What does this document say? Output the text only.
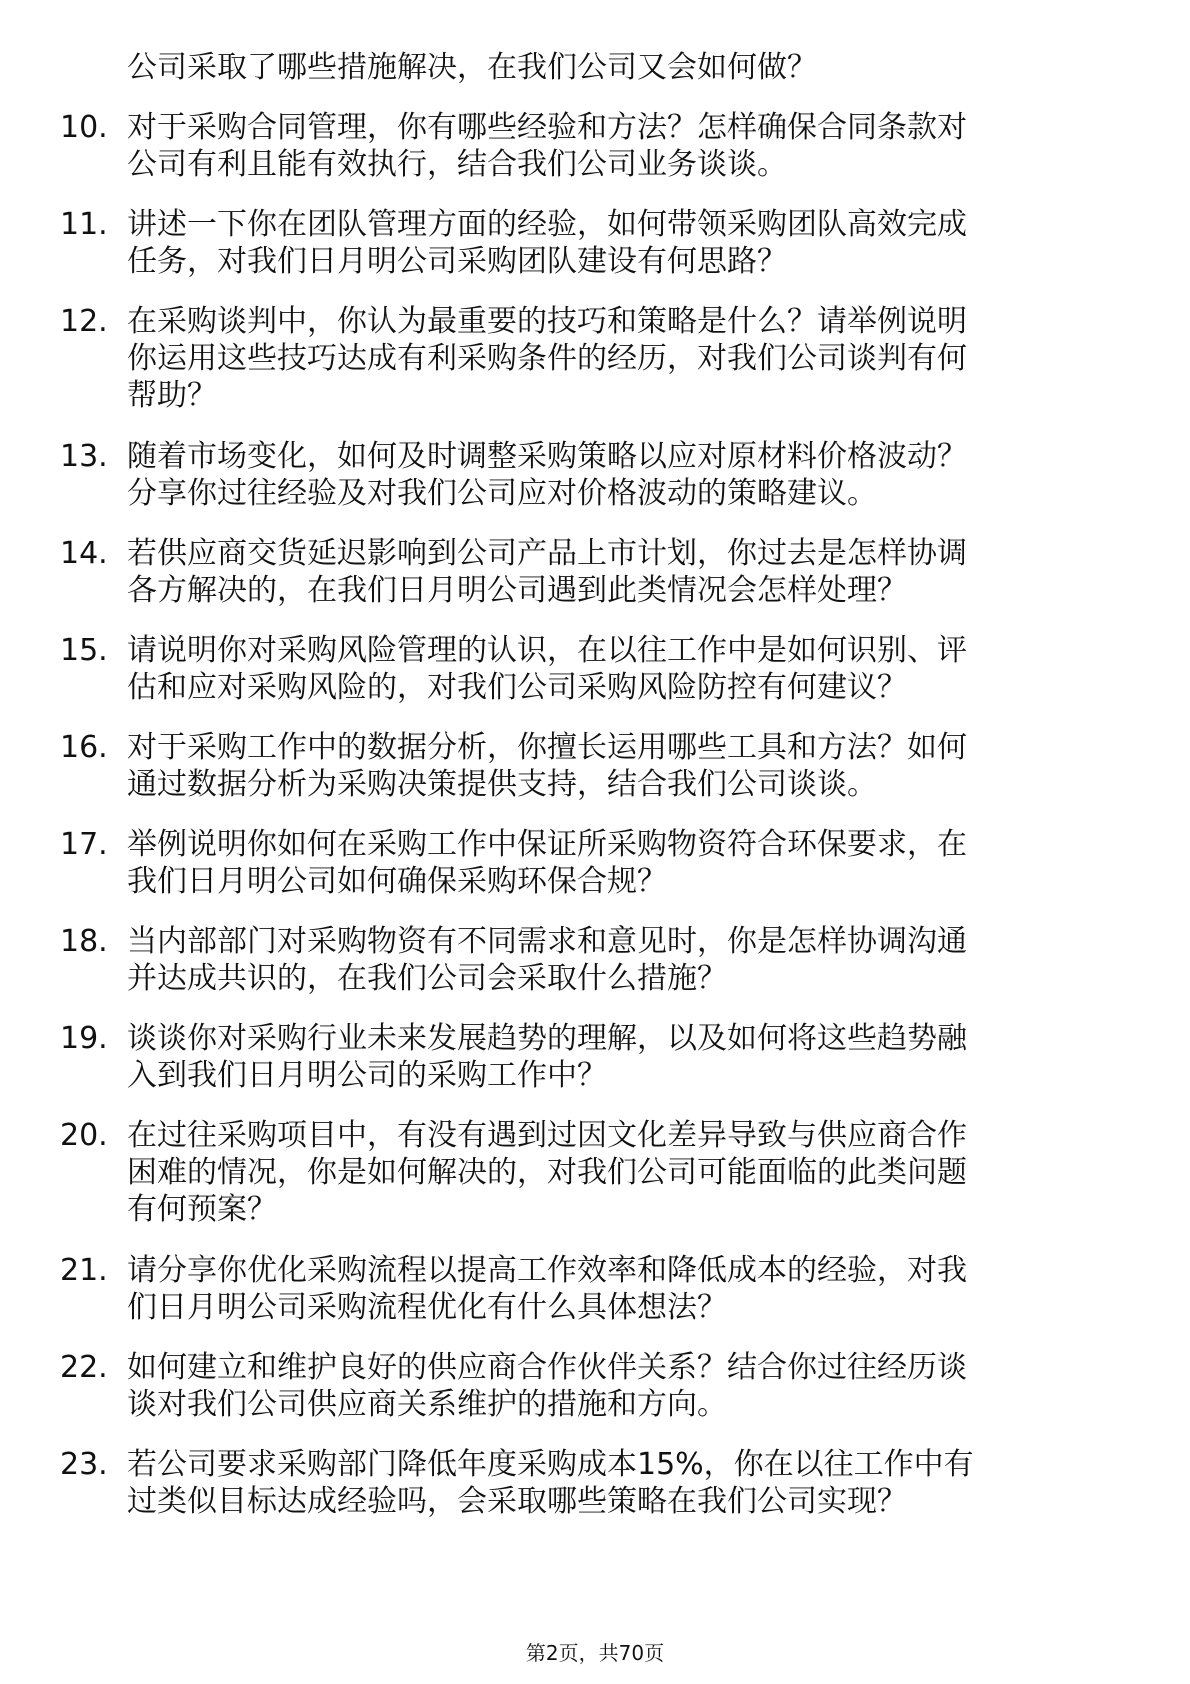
公司采取了哪些措施解决，在我们公司又会如何做？
10. 对于采购合同管理，你有哪些经验和方法？怎样确保合同条款对
公司有利且能有效执行，结合我们公司业务谈谈。
11. 讲述一下你在团队管理方面的经验，如何带领采购团队高效完成
任务，对我们日月明公司采购团队建设有何思路？
12. 在采购谈判中，你认为最重要的技巧和策略是什么？请举例说明
你运用这些技巧达成有利采购条件的经历，对我们公司谈判有何
帮助？
13. 随着市场变化，如何及时调整采购策略以应对原材料价格波动？
分享你过往经验及对我们公司应对价格波动的策略建议。
14. 若供应商交货延迟影响到公司产品上市计划，你过去是怎样协调
各方解决的，在我们日月明公司遇到此类情况会怎样处理？
15. 请说明你对采购风险管理的认识，在以往工作中是如何识别、评
估和应对采购风险的，对我们公司采购风险防控有何建议？
16. 对于采购工作中的数据分析，你擅长运用哪些工具和方法？如何
通过数据分析为采购决策提供支持，结合我们公司谈谈。
17. 举例说明你如何在采购工作中保证所采购物资符合环保要求，在
我们日月明公司如何确保采购环保合规？
18. 当内部部门对采购物资有不同需求和意见时，你是怎样协调沟通
并达成共识的，在我们公司会采取什么措施？
19. 谈谈你对采购行业未来发展趋势的理解，以及如何将这些趋势融
入到我们日月明公司的采购工作中？
20. 在过往采购项目中，有没有遇到过因文化差异导致与供应商合作
困难的情况，你是如何解决的，对我们公司可能面临的此类问题
有何预案？
21. 请分享你优化采购流程以提高工作效率和降低成本的经验，对我
们日月明公司采购流程优化有什么具体想法？
22. 如何建立和维护良好的供应商合作伙伴关系？结合你过往经历谈
谈对我们公司供应商关系维护的措施和方向。
23. 若公司要求采购部门降低年度采购成本15%，你在以往工作中有
过类似目标达成经验吗，会采取哪些策略在我们公司实现？
第2页，共70页
